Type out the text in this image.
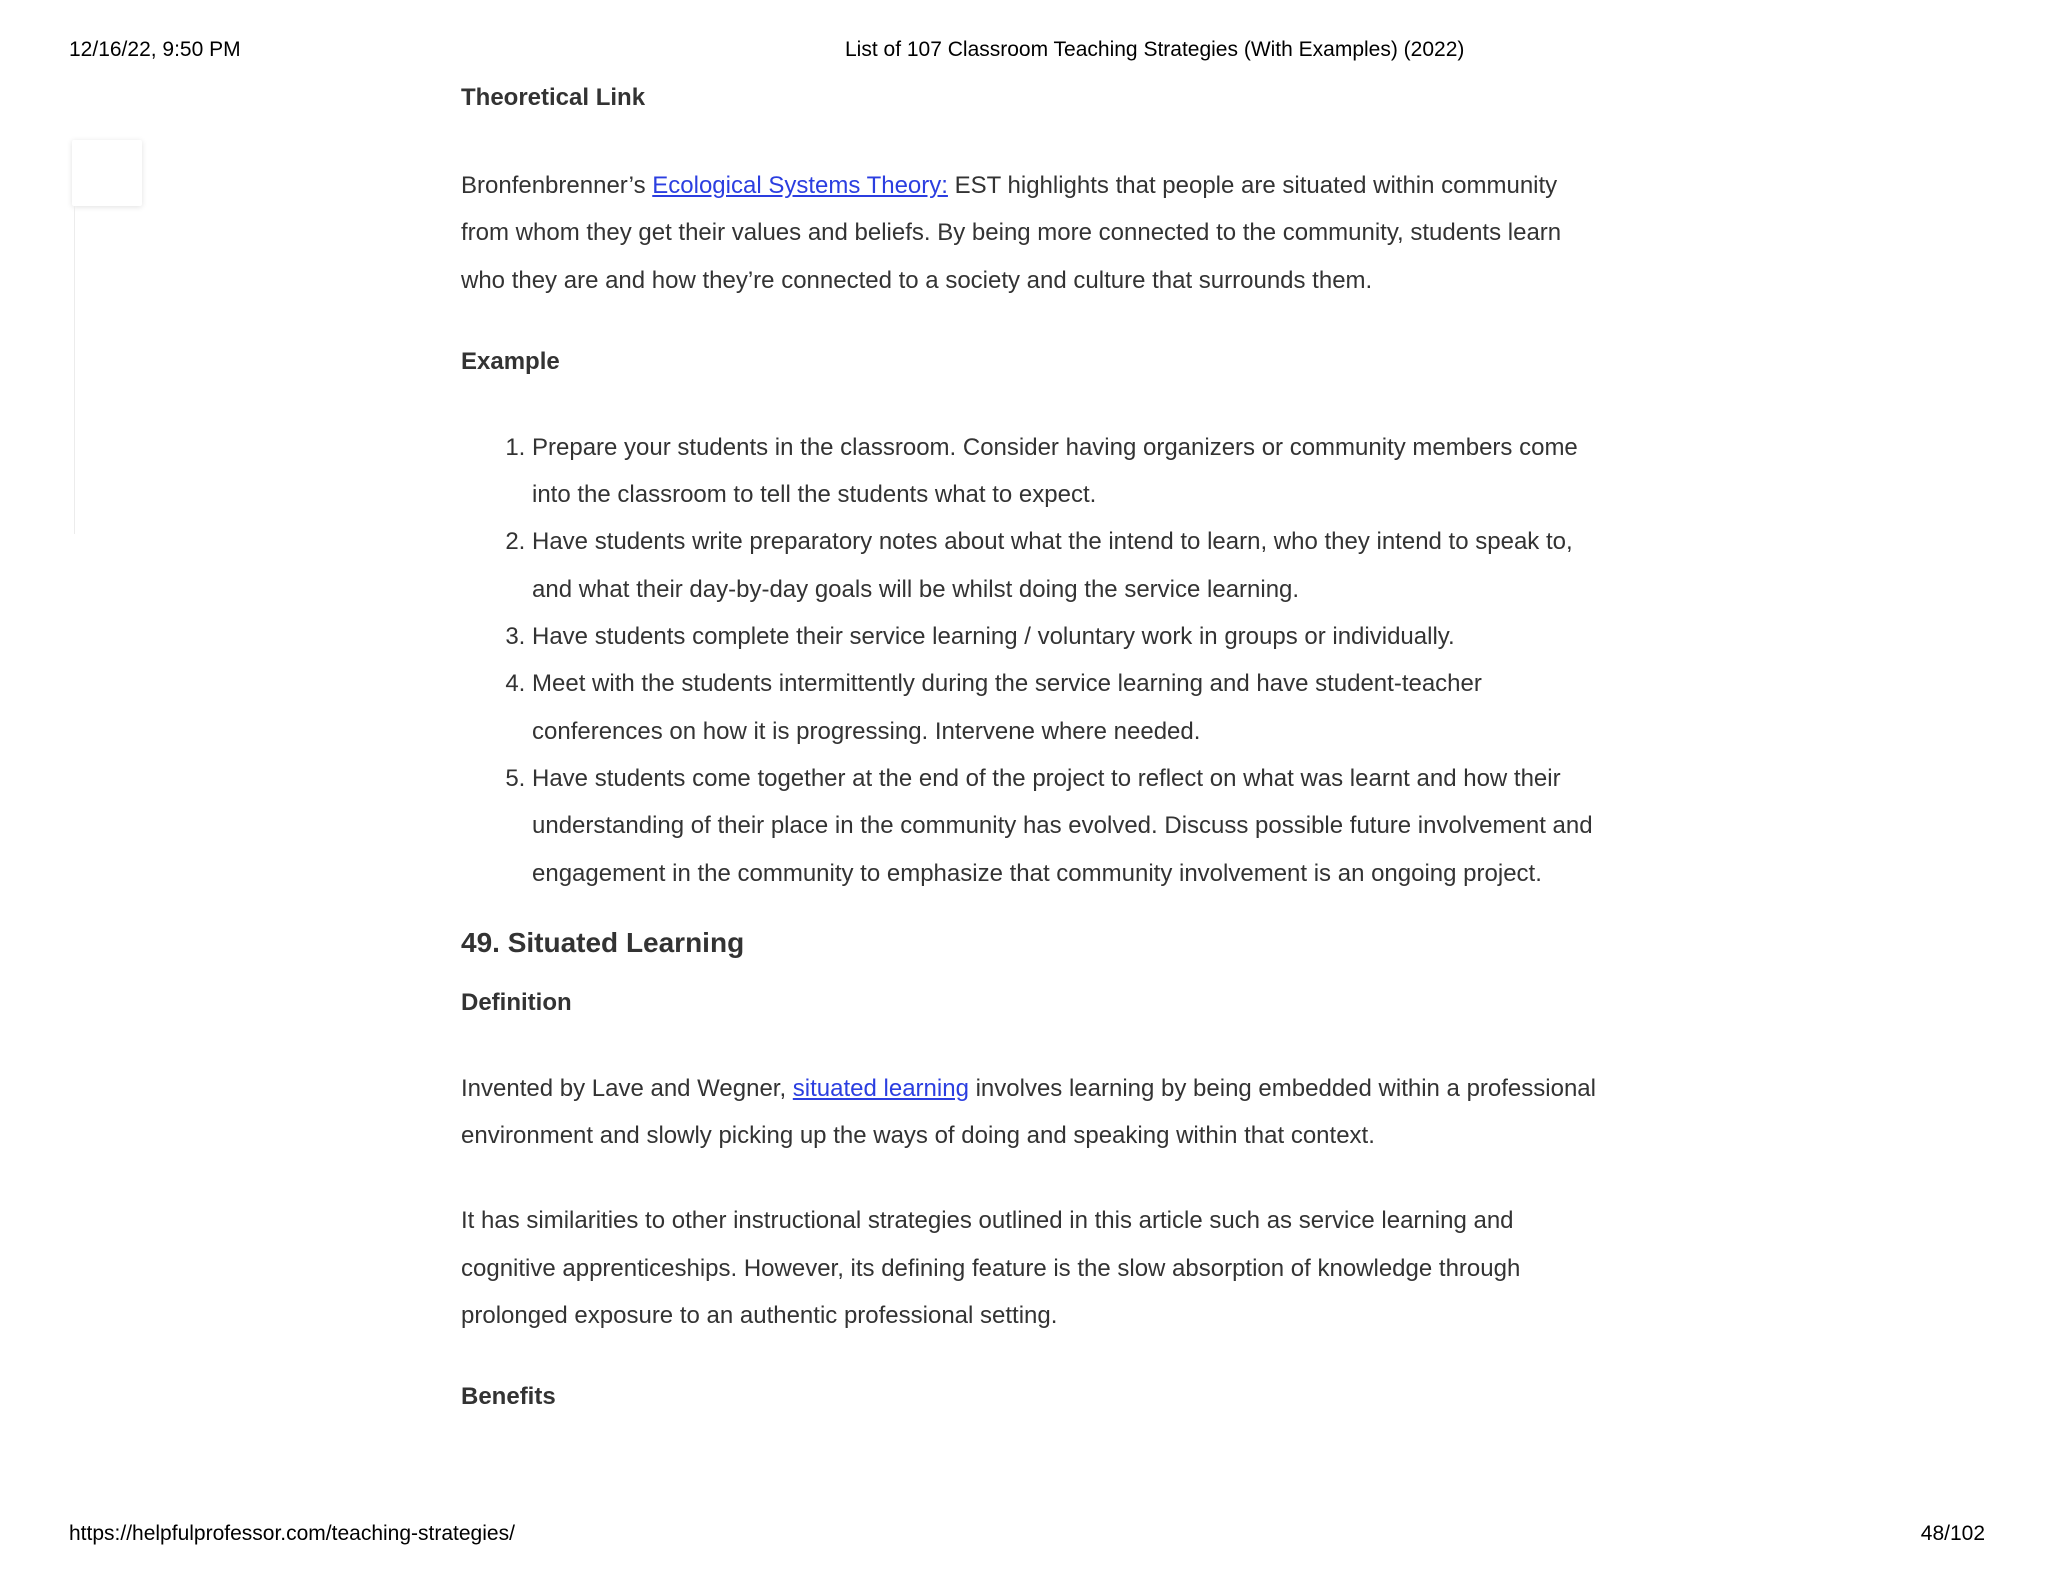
12/16/22, 9:50 PM	List of 107 Classroom Teaching Strategies (With Examples) (2022)

Theoretical Link

Bronfenbrenner’s Ecological Systems Theory: EST highlights that people are situated within community from whom they get their values and beliefs. By being more connected to the community, students learn who they are and how they’re connected to a society and culture that surrounds them.

Example

1. Prepare your students in the classroom. Consider having organizers or community members come into the classroom to tell the students what to expect.
2. Have students write preparatory notes about what the intend to learn, who they intend to speak to, and what their day-by-day goals will be whilst doing the service learning.
3. Have students complete their service learning / voluntary work in groups or individually.
4. Meet with the students intermittently during the service learning and have student-teacher conferences on how it is progressing. Intervene where needed.
5. Have students come together at the end of the project to reflect on what was learnt and how their understanding of their place in the community has evolved. Discuss possible future involvement and engagement in the community to emphasize that community involvement is an ongoing project.

49. Situated Learning

Definition

Invented by Lave and Wegner, situated learning involves learning by being embedded within a professional environment and slowly picking up the ways of doing and speaking within that context.

It has similarities to other instructional strategies outlined in this article such as service learning and cognitive apprenticeships. However, its defining feature is the slow absorption of knowledge through prolonged exposure to an authentic professional setting.

Benefits

https://helpfulprofessor.com/teaching-strategies/	48/102
